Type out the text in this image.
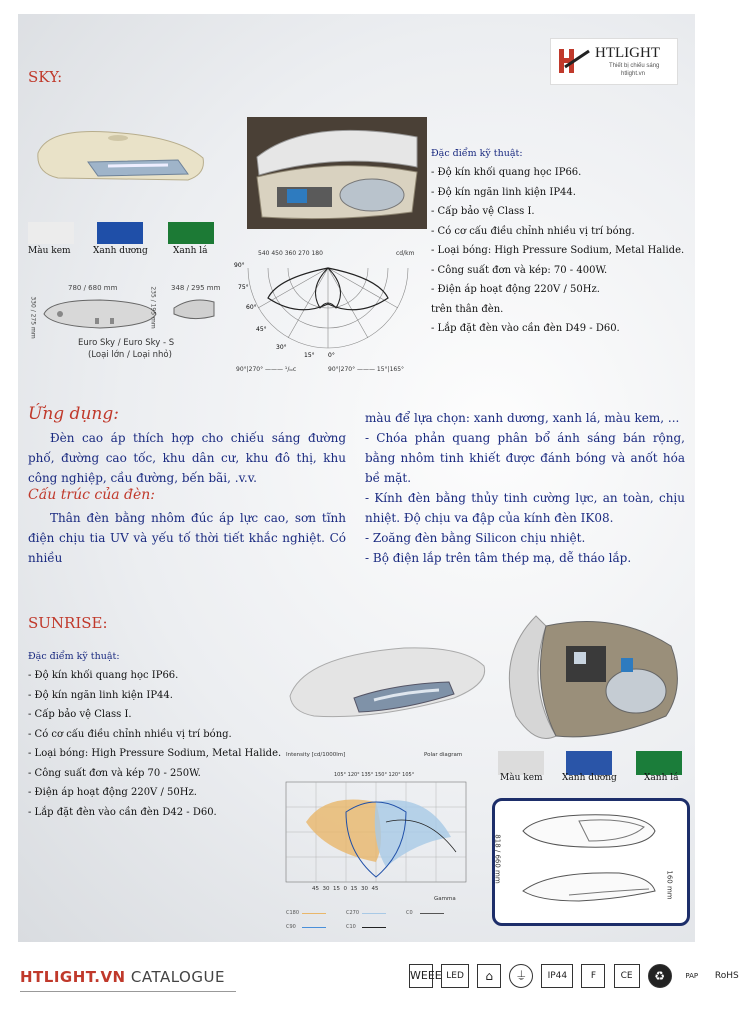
HTLIGHT
Thiết bị chiếu sáng
htlight.vn
SKY:
Màu kem Xanh dương	Xanh lá
780 / 680 mm
330 / 275 mm
348 / 295 mm
235 / 195 mm
Euro Sky / Euro Sky - S
(Loại lớn / Loại nhỏ)
540 450 360 270 180	cd/km
90°
75°
60°
45°
30°
15° 0°
90°|270° ——— ¹/ᵢₒc	90°|270° ——— 15°|165°
Đặc điểm kỹ thuật:
- Độ kín khối quang học IP66.
- Độ kín ngăn linh kiện IP44.
- Cấp bảo vệ Class I.
- Có cơ cấu điều chỉnh nhiều vị trí bóng.
- Loại bóng: High Pressure Sodium, Metal Halide.
- Công suất đơn và kép: 70 - 400W.
- Điện áp hoạt động 220V / 50Hz.
trên thân đèn.
- Lắp đặt đèn vào cần đèn D49 - D60.
Ứng dụng:
Đèn cao áp thích hợp cho chiếu sáng đường phố, đường cao tốc, khu dân cư, khu đô thị, khu công nghiệp, cầu đường, bến bãi, .v.v.
Cấu trúc của đèn:
Thân đèn bằng nhôm đúc áp lực cao, sơn tĩnh điện chịu tia UV và yếu tố thời tiết khắc nghiệt. Có nhiều
màu để lựa chọn: xanh dương, xanh lá, màu kem, ...
- Chóa phản quang phân bổ ánh sáng bán rộng, bằng nhôm tinh khiết được đánh bóng và anốt hóa bề mặt.
- Kính đèn bằng thủy tinh cường lực, an toàn, chịu nhiệt. Độ chịu va đập của kính đèn IK08.
- Zoăng đèn bằng Silicon chịu nhiệt.
- Bộ điện lắp trên tâm thép mạ, dễ tháo lắp.
SUNRISE:
Đặc điểm kỹ thuật:
- Độ kín khối quang học IP66.
- Độ kín ngăn linh kiện IP44.
- Cấp bảo vệ Class I.
- Có cơ cấu điều chỉnh nhiều vị trí bóng.
- Loại bóng: High Pressure Sodium, Metal Halide.
- Công suất đơn và kép 70 - 250W.
- Điện áp hoạt động 220V / 50Hz.
- Lắp đặt đèn vào cần đèn D42 - D60.
Intensity [cd/1000lm]	Polar diagram
105° 120° 135° 150° 120° 105°
45  30  15  0  15  30  45
Gamma
C180	C270	C0
C90	C10
Màu kem Xanh dương	Xanh lá
818 / 660 mm
160 mm
HTLIGHT.VN CATALOGUE	WEEE LED ⌂ ⏚ IP44	F	CE ♻	PAP RoHS
